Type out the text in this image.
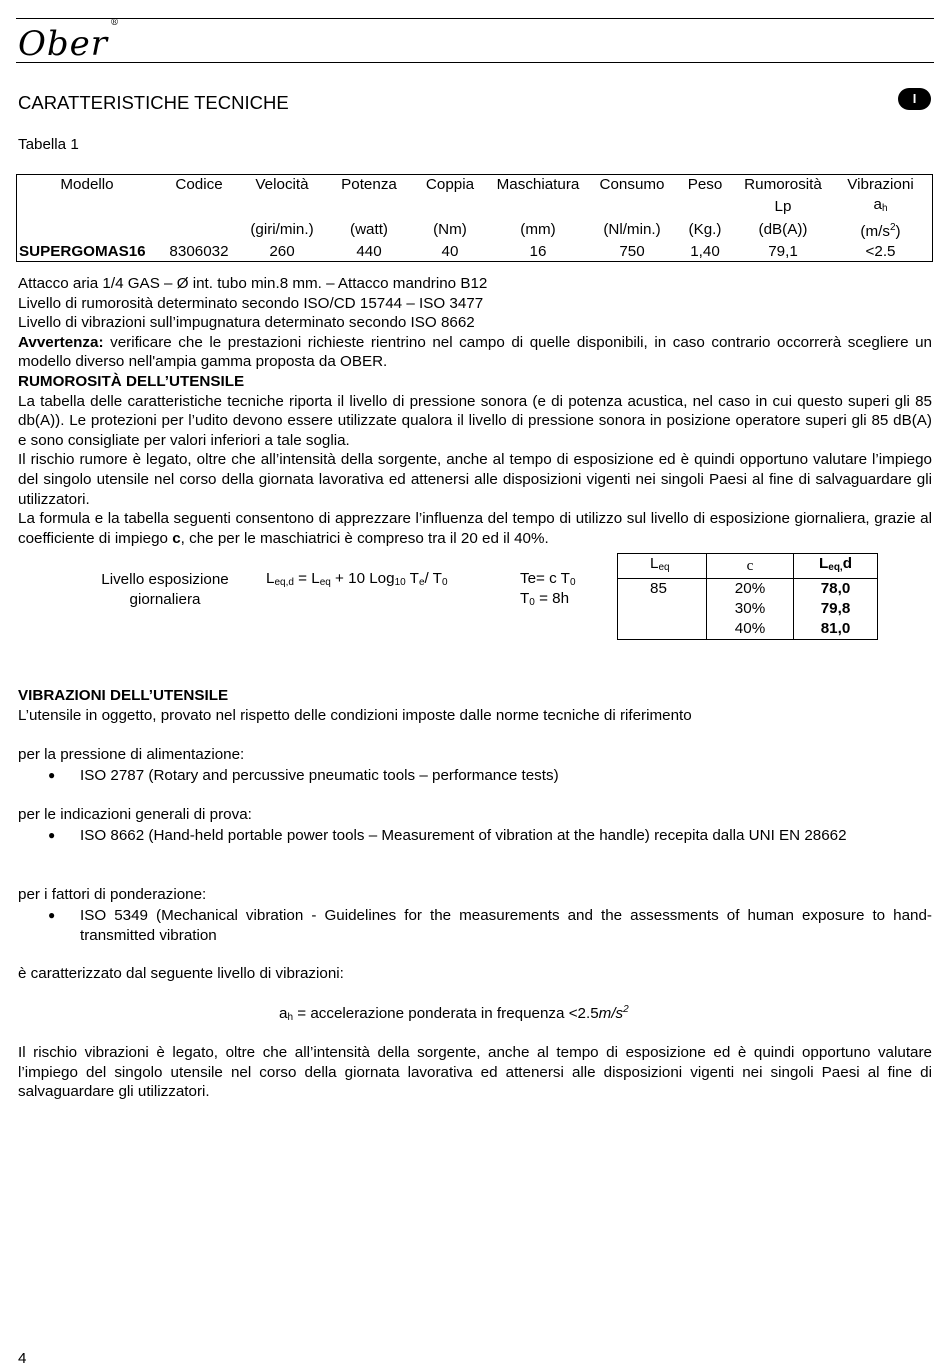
Ober®
CARATTERISTICHE TECNICHE	I
Tabella 1
Modello	Codice	Velocità	Potenza	Coppia	Maschiatura	Consumo	Peso	Rumorosità	Vibrazioni
								Lp	$a_h$
		(giri/min.)	(watt)	(Nm)	(mm)	(Nl/min.)	(Kg.)	(dB(A))	$(m/s^2)$
SUPERGOMAS16	8306032	260	440	40	16	750	1,40	79,1	<2.5
Attacco aria 1/4 GAS – Ø int. tubo min.8 mm. – Attacco mandrino B12
Livello di rumorosità determinato secondo ISO/CD 15744 – ISO 3477
Livello di vibrazioni sull’impugnatura determinato secondo ISO 8662
Avvertenza: verificare che le prestazioni richieste rientrino nel campo di quelle disponibili, in caso contrario occorrerà scegliere un modello diverso nell'ampia gamma proposta da OBER.
RUMOROSITÀ DELL’UTENSILE
La tabella delle caratteristiche tecniche riporta il livello di pressione sonora (e di potenza acustica, nel caso in cui questo superi gli 85 db(A)). Le protezioni per l’udito devono essere utilizzate qualora il livello di pressione sonora in posizione operatore superi gli 85 dB(A) e sono consigliate per valori inferiori a tale soglia.
Il rischio rumore è legato, oltre che all’intensità della sorgente, anche al tempo di esposizione ed è quindi opportuno valutare l’impiego del singolo utensile nel corso della giornata lavorativa ed attenersi alle disposizioni vigenti nei singoli Paesi al fine di salvaguardare gli utilizzatori.
La formula e la tabella seguenti consentono di apprezzare l’influenza del tempo di utilizzo sul livello di esposizione giornaliera, grazie al coefficiente di impiego c, che per le maschiatrici è compreso tra il 20 ed il 40%.
Livello esposizione
giornaliera
$L_{eq,d} = L_{eq} + 10$ Log$_{10}$ $T_e/$ $T_0$	Te= c $T_0$
$T_0 = 8h$
$L_{eq}$	c	$L_{eq,}d$
85	20%	78,0
	30%	79,8
	40%	81,0
VIBRAZIONI DELL’UTENSILE
L’utensile in oggetto, provato nel rispetto delle condizioni imposte dalle norme tecniche di riferimento
per la pressione di alimentazione:
● ISO 2787 (Rotary and percussive pneumatic tools – performance tests)
per le indicazioni generali di prova:
● ISO 8662 (Hand-held portable power tools – Measurement of vibration at the handle) recepita dalla UNI EN 28662
per i fattori di ponderazione:
● ISO 5349 (Mechanical vibration - Guidelines for the measurements and the assessments of human exposure to hand-transmitted vibration
è caratterizzato dal seguente livello di vibrazioni:
$a_h$ = accelerazione ponderata in frequenza $<2.5m/s^2$
Il rischio vibrazioni è legato, oltre che all’intensità della sorgente, anche al tempo di esposizione ed è quindi opportuno valutare l’impiego del singolo utensile nel corso della giornata lavorativa ed attenersi alle disposizioni vigenti nei singoli Paesi al fine di salvaguardare gli utilizzatori.
4
